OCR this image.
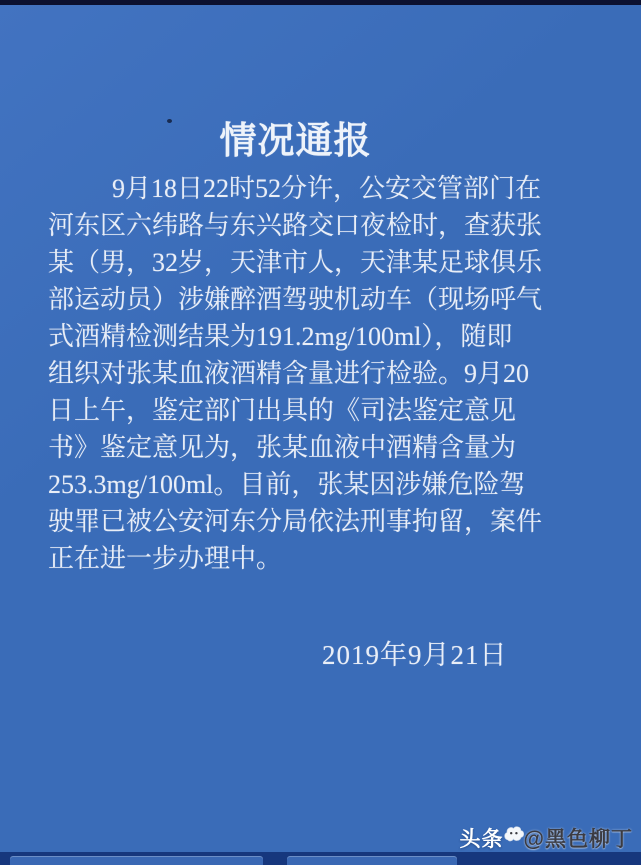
情况通报
9月18日22时52分许，公安交管部门在
河东区六纬路与东兴路交口夜检时，查获张
某（男，32岁，天津市人，天津某足球俱乐
部运动员）涉嫌醉酒驾驶机动车（现场呼气
式酒精检测结果为191.2mg/100ml），随即
组织对张某血液酒精含量进行检验。9月20
日上午，鉴定部门出具的《司法鉴定意见
书》鉴定意见为，张某血液中酒精含量为
253.3mg/100ml。目前，张某因涉嫌危险驾
驶罪已被公安河东分局依法刑事拘留，案件
正在进一步办理中。
2019年9月21日
头条 @黑色柳丁
